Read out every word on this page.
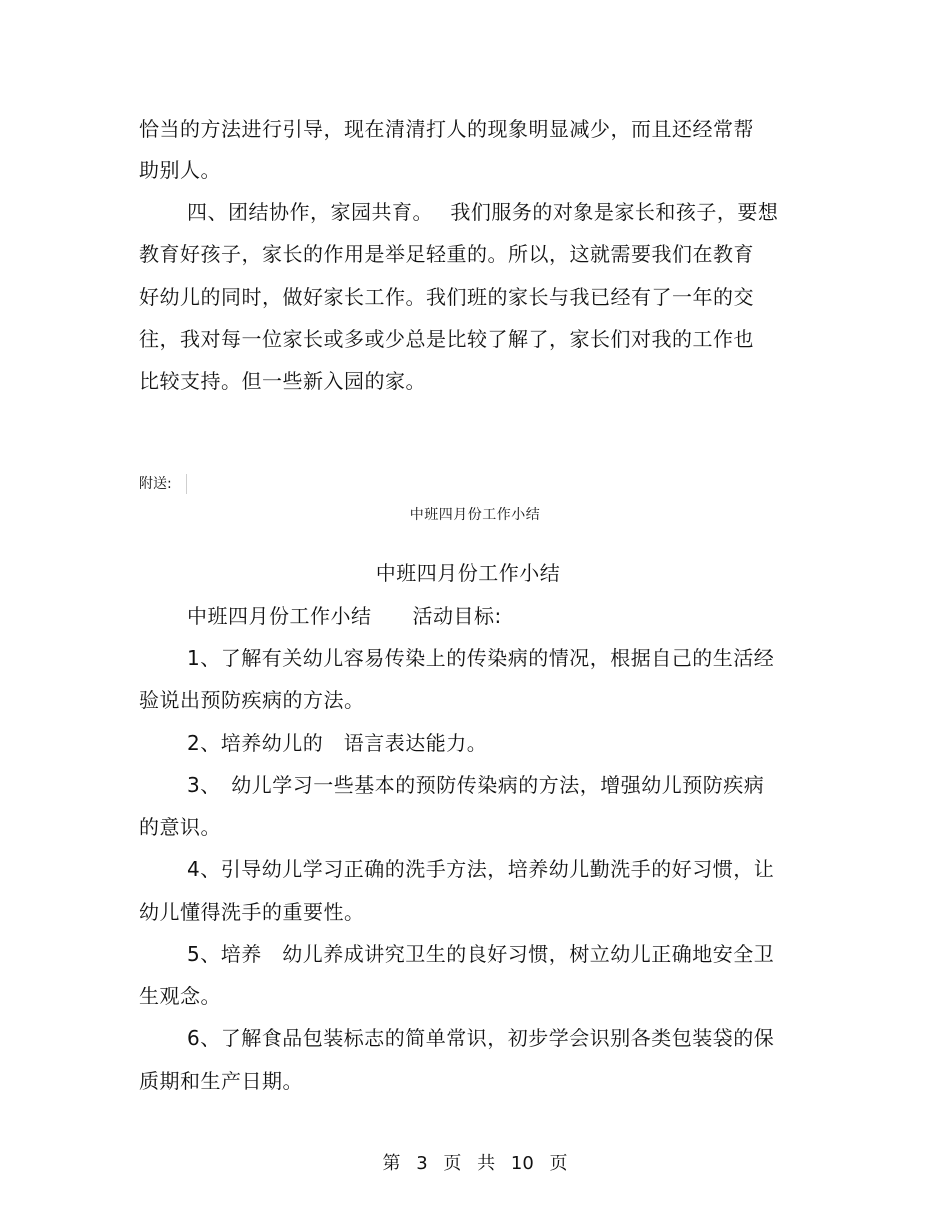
恰当的方法进行引导，现在清清打人的现象明显减少，而且还经常帮
助别人。
四、团结协作，家园共育。　 我们服务的对象是家长和孩子，要想
教育好孩子，家长的作用是举足轻重的。所以，这就需要我们在教育
好幼儿的同时，做好家长工作。我们班的家长与我已经有了一年的交
往，我对每一位家长或多或少总是比较了解了，家长们对我的工作也
比较支持。但一些新入园的家。
附送:
中班四月份工作小结
中班四月份工作小结
中班四月份工作小结　　活动目标:
1、了解有关幼儿容易传染上的传染病的情况，根据自己的生活经
验说出预防疾病的方法。
2、培养幼儿的　语言表达能力。
3、　幼儿学习一些基本的预防传染病的方法，增强幼儿预防疾病
的意识。
4、引导幼儿学习正确的洗手方法，培养幼儿勤洗手的好习惯，让
幼儿懂得洗手的重要性。
5、培养　幼儿养成讲究卫生的良好习惯，树立幼儿正确地安全卫
生观念。
6、了解食品包装标志的简单常识，初步学会识别各类包装袋的保
质期和生产日期。
第 3 页 共 10 页
